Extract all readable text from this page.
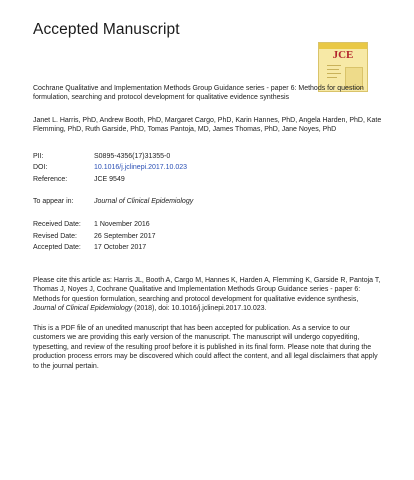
Accepted Manuscript
JCE
Cochrane Qualitative and Implementation Methods Group Guidance series - paper 6: Methods for question formulation, searching and protocol development for qualitative evidence synthesis
Janet L. Harris, PhD, Andrew Booth, PhD, Margaret Cargo, PhD, Karin Hannes, PhD, Angela Harden, PhD, Kate Flemming, PhD, Ruth Garside, PhD, Tomas Pantoja, MD, James Thomas, PhD, Jane Noyes, PhD
PII:	S0895-4356(17)31355-0
DOI:	10.1016/j.jclinepi.2017.10.023
Reference:	JCE 9549
To appear in:	Journal of Clinical Epidemiology
Received Date:	1 November 2016
Revised Date:	26 September 2017
Accepted Date:	17 October 2017
Please cite this article as: Harris JL, Booth A, Cargo M, Hannes K, Harden A, Flemming K, Garside R, Pantoja T, Thomas J, Noyes J, Cochrane Qualitative and Implementation Methods Group Guidance series - paper 6: Methods for question formulation, searching and protocol development for qualitative evidence synthesis, Journal of Clinical Epidemiology (2018), doi: 10.1016/j.jclinepi.2017.10.023.
This is a PDF file of an unedited manuscript that has been accepted for publication. As a service to our customers we are providing this early version of the manuscript. The manuscript will undergo copyediting, typesetting, and review of the resulting proof before it is published in its final form. Please note that during the production process errors may be discovered which could affect the content, and all legal disclaimers that apply to the journal pertain.
